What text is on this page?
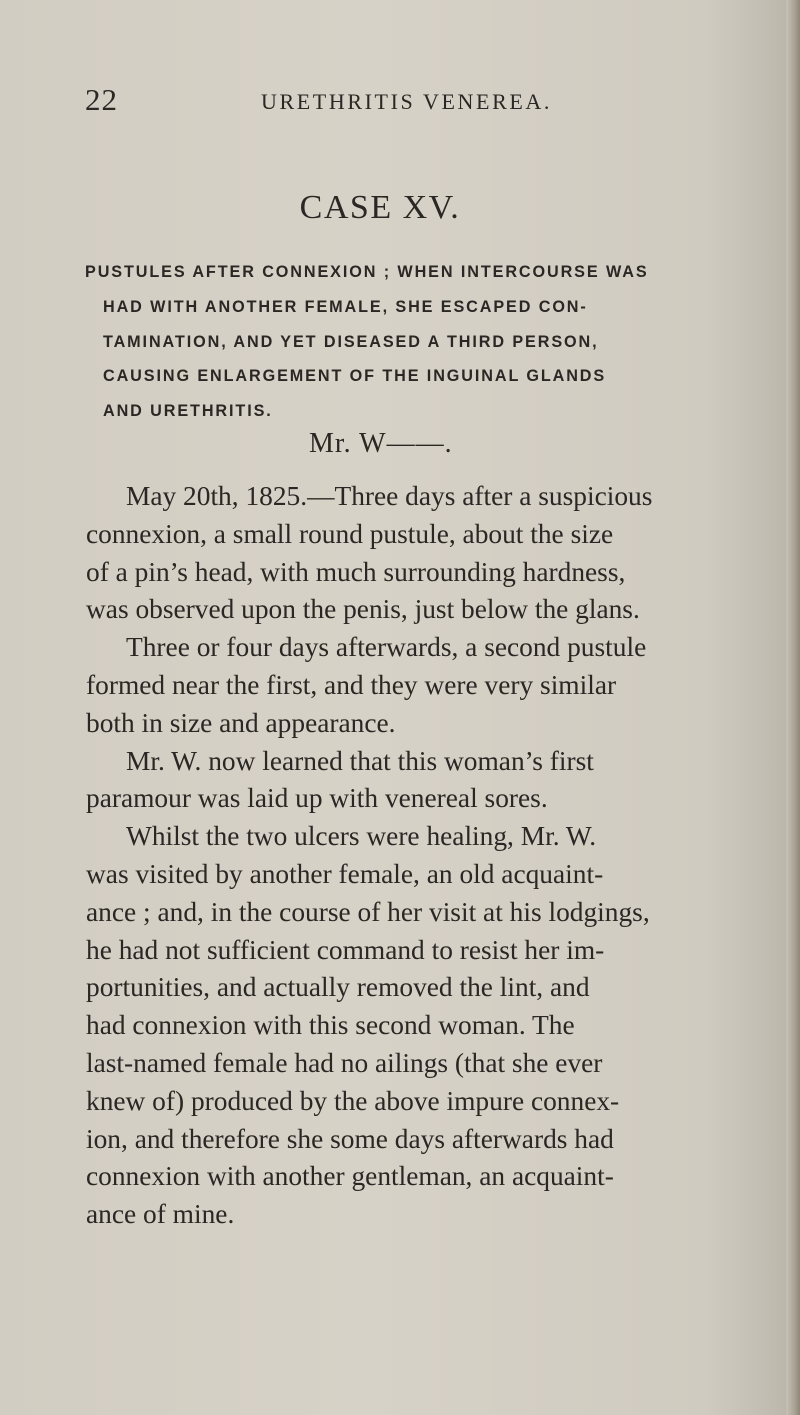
22	URETHRITIS VENEREA.
CASE XV.
PUSTULES AFTER CONNEXION ; WHEN INTERCOURSE WAS
HAD WITH ANOTHER FEMALE, SHE ESCAPED CON-
TAMINATION, AND YET DISEASED A THIRD PERSON,
CAUSING ENLARGEMENT OF THE INGUINAL GLANDS
AND URETHRITIS.
Mr. W——.
May 20th, 1825.—Three days after a suspicious
connexion, a small round pustule, about the size
of a pin’s head, with much surrounding hardness,
was observed upon the penis, just below the glans.
Three or four days afterwards, a second pustule
formed near the first, and they were very similar
both in size and appearance.
Mr. W. now learned that this woman’s first
paramour was laid up with venereal sores.
Whilst the two ulcers were healing, Mr. W.
was visited by another female, an old acquaint-
ance ; and, in the course of her visit at his lodgings,
he had not sufficient command to resist her im-
portunities, and actually removed the lint, and
had connexion with this second woman. The
last-named female had no ailings (that she ever
knew of) produced by the above impure connex-
ion, and therefore she some days afterwards had
connexion with another gentleman, an acquaint-
ance of mine.
